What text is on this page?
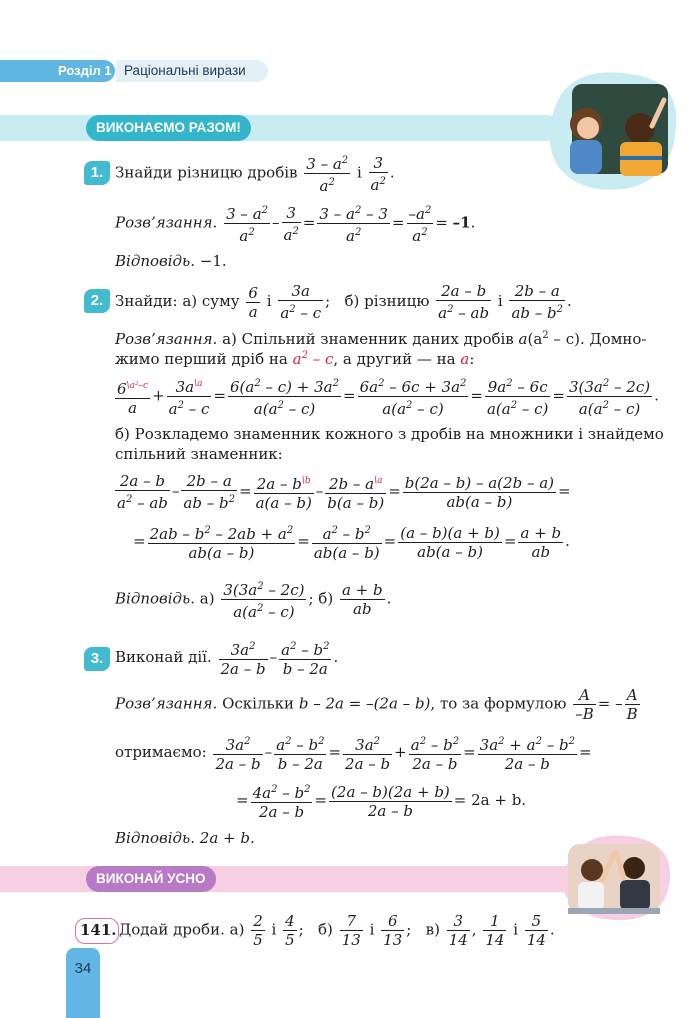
Розділ 1 Раціональні вирази
ВИКОНАЄМО РАЗОМ!
1. Знайди різницю дробів $\frac{3 - a^2}{a^2}$ і $\frac{3}{a^2}$ .
Розв’язання. $\frac{3 - a^2}{a^2} - \frac{3}{a^2} = \frac{3 - a^2 - 3}{a^2} = \frac{-a^2}{a^2} = -1$.
Відповідь. −1.
2. Знайди: а) суму $\frac{6}{a}$ і $\frac{3a}{a^2 - c}$ ;   б) різницю $\frac{2a - b}{a^2 - ab}$ і $\frac{2b - a}{ab - b^2}$ .
Розв’язання. а) Спільний знаменник даних дробів $a(a^2 - c)$. Домно-
жимо перший дріб на $a^2$ – c, а другий — на a:
$\frac{6^{\backslash a^2-c}}{a} + \frac{3a^{\backslash a}}{a^2 - c} = \frac{6(a^2 - c) + 3a^2}{a(a^2 - c)} = \frac{6a^2 - 6c + 3a^2}{a(a^2 - c)} = \frac{9a^2 - 6c}{a(a^2 - c)} = \frac{3(3a^2 - 2c)}{a(a^2 - c)}$ .
б) Розкладемо знаменник кожного з дробів на множники і знайдемо
спільний знаменник:
$\frac{2a - b}{a^2 - ab} - \frac{2b - a}{ab - b^2} = \frac{2a - b^{\backslash b}}{a(a - b)} - \frac{2b - a^{\backslash a}}{b(a - b)} = \frac{b(2a - b) - a(2b - a)}{ab(a - b)}$ =
= $\frac{2ab - b^2 - 2ab + a^2}{ab(a - b)} = \frac{a^2 - b^2}{ab(a - b)} = \frac{(a - b)(a + b)}{ab(a - b)} = \frac{a + b}{ab}$ .
Відповідь. $а) \frac{3(3a^2 - 2c)}{a(a^2 - c)}$ ; $б) \frac{a + b}{ab}$ .
3. Виконай дії. $\frac{3a^2}{2a - b} - \frac{a^2 - b^2}{b - 2a}$ .
Розв’язання. Оскільки b – 2a = –(2a – b), то за формулою $\frac{A}{-B}$ = – $\frac{A}{B}$
отримаємо: $\frac{3a^2}{2a - b} - \frac{a^2 - b^2}{b - 2a} = \frac{3a^2}{2a - b} + \frac{a^2 - b^2}{2a - b} = \frac{3a^2 + a^2 - b^2}{2a - b}$ =
= $\frac{4a^2 - b^2}{2a - b} = \frac{(2a - b)(2a + b)}{2a - b} = 2a + b$.
Відповідь. 2a + b.
ВИКОНАЙ УСНО
141. Додай дроби. $а) \frac{2}{5}$ і $\frac{4}{5}$ ;   $б) \frac{7}{13}$ і $\frac{6}{13}$ ;   $в) \frac{3}{14}$ , $\frac{1}{14}$ і $\frac{5}{14}$ .
34
